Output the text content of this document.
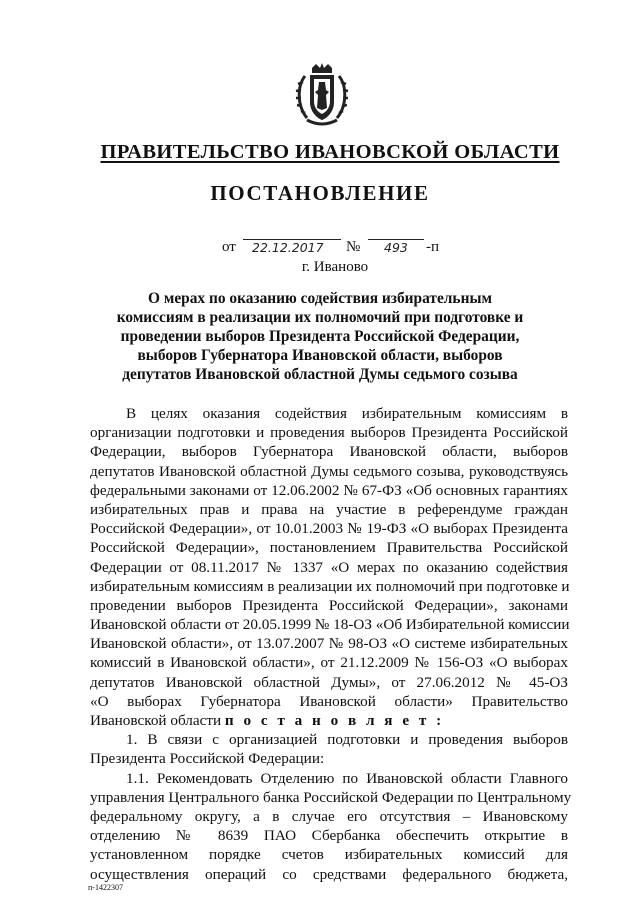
ПРАВИТЕЛЬСТВО ИВАНОВСКОЙ ОБЛАСТИ
ПОСТАНОВЛЕНИЕ
от 22.12.2017 № 493 -п
г. Иваново
О мерах по оказанию содействия избирательным
комиссиям в реализации их полномочий при подготовке и
проведении выборов Президента Российской Федерации,
выборов Губернатора Ивановской области, выборов
депутатов Ивановской областной Думы седьмого созыва
В целях оказания содействия избирательным комиссиям в
организации подготовки и проведения выборов Президента Российской
Федерации, выборов Губернатора Ивановской области, выборов
депутатов Ивановской областной Думы седьмого созыва, руководствуясь
федеральными законами от 12.06.2002 № 67-ФЗ «Об основных гарантиях
избирательных прав и права на участие в референдуме граждан
Российской Федерации», от 10.01.2003 № 19-ФЗ «О выборах Президента
Российской Федерации», постановлением Правительства Российской
Федерации от 08.11.2017 № 1337 «О мерах по оказанию содействия
избирательным комиссиям в реализации их полномочий при подготовке и
проведении выборов Президента Российской Федерации», законами
Ивановской области от 20.05.1999 № 18-ОЗ «Об Избирательной комиссии
Ивановской области», от 13.07.2007 № 98-ОЗ «О системе избирательных
комиссий в Ивановской области», от 21.12.2009 № 156-ОЗ «О выборах
депутатов Ивановской областной Думы», от 27.06.2012 № 45-ОЗ
«О выборах Губернатора Ивановской области» Правительство
Ивановской области п о с т а н о в л я е т :
1. В связи с организацией подготовки и проведения выборов
Президента Российской Федерации:
1.1. Рекомендовать Отделению по Ивановской области Главного
управления Центрального банка Российской Федерации по Центральному
федеральному округу, а в случае его отсутствия – Ивановскому
отделению № 8639 ПАО Сбербанка обеспечить открытие в
установленном порядке счетов избирательных комиссий для
осуществления операций со средствами федерального бюджета,
п-1422307
